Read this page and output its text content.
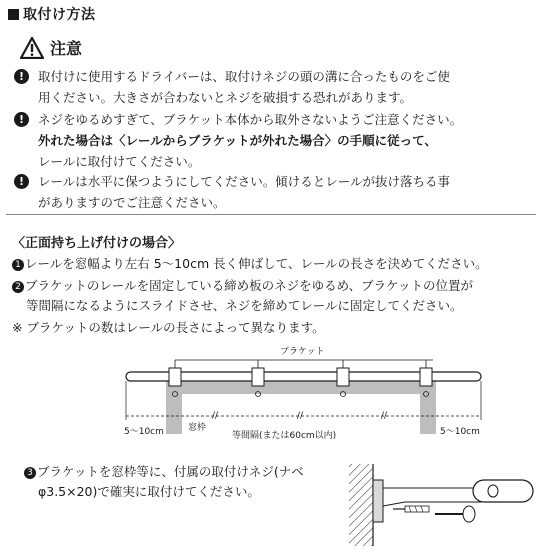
取付け方法
注意
!	取付けに使用するドライバーは、取付けネジの頭の溝に合ったものをご使
用ください。大きさが合わないとネジを破損する恐れがあります。
!	ネジをゆるめすぎて、ブラケット本体から取外さないようご注意ください。
外れた場合は〈レールからブラケットが外れた場合〉の手順に従って、
レールに取付けてください。
!	レールは水平に保つようにしてください。傾けるとレールが抜け落ちる事
がありますのでご注意ください。
〈正面持ち上げ付けの場合〉
1 レールを窓幅より左右 5〜10cm 長く伸ばして、レールの長さを決めてください。
2 ブラケットのレールを固定している締め板のネジをゆるめ、ブラケットの位置が
等間隔になるようにスライドさせ、ネジを締めてレールに固定してください。
※ ブラケットの数はレールの長さによって異なります。
ブラケット
//	//	//
5〜10cm	窓枠
等間隔(または60cm以内)	5〜10cm
3 ブラケットを窓枠等に、付属の取付けネジ(ナベ
φ3.5×20)で確実に取付けてください。
